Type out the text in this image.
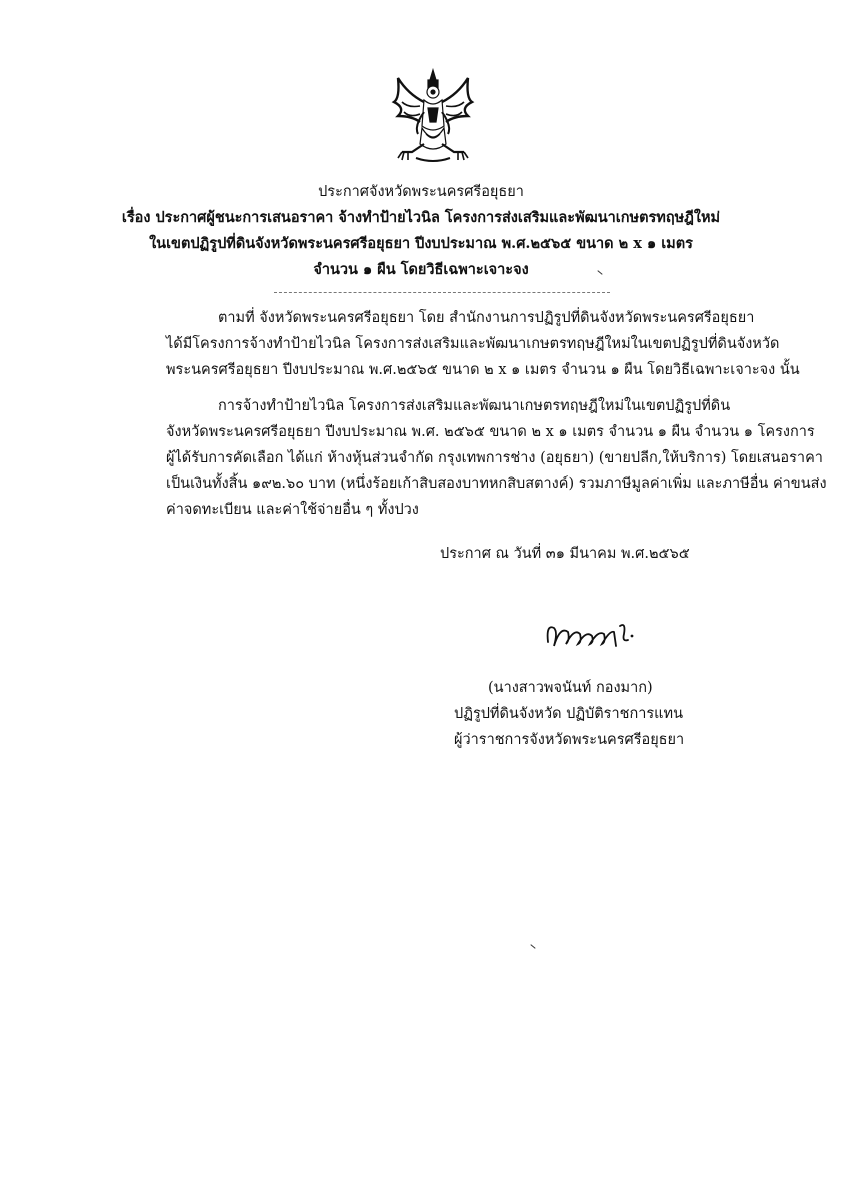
ประกาศจังหวัดพระนครศรีอยุธยา
เรื่อง ประกาศผู้ชนะการเสนอราคา จ้างทำป้ายไวนิล โครงการส่งเสริมและพัฒนาเกษตรทฤษฎีใหม่
ในเขตปฏิรูปที่ดินจังหวัดพระนครศรีอยุธยา ปีงบประมาณ พ.ศ.๒๕๖๕ ขนาด ๒ x ๑ เมตร
จำนวน ๑ ผืน โดยวิธีเฉพาะเจาะจง
ตามที่ จังหวัดพระนครศรีอยุธยา โดย สำนักงานการปฏิรูปที่ดินจังหวัดพระนครศรีอยุธยา
ได้มีโครงการจ้างทำป้ายไวนิล โครงการส่งเสริมและพัฒนาเกษตรทฤษฎีใหม่ในเขตปฏิรูปที่ดินจังหวัด
พระนครศรีอยุธยา ปีงบประมาณ พ.ศ.๒๕๖๕ ขนาด ๒ x ๑ เมตร จำนวน ๑ ผืน โดยวิธีเฉพาะเจาะจง นั้น
การจ้างทำป้ายไวนิล โครงการส่งเสริมและพัฒนาเกษตรทฤษฎีใหม่ในเขตปฏิรูปที่ดิน
จังหวัดพระนครศรีอยุธยา ปีงบประมาณ พ.ศ. ๒๕๖๕ ขนาด ๒ x ๑ เมตร จำนวน ๑ ผืน จำนวน ๑ โครงการ
ผู้ได้รับการคัดเลือก ได้แก่ ห้างหุ้นส่วนจำกัด กรุงเทพการช่าง (อยุธยา) (ขายปลีก,ให้บริการ) โดยเสนอราคา
เป็นเงินทั้งสิ้น ๑๙๒.๖๐ บาท (หนึ่งร้อยเก้าสิบสองบาทหกสิบสตางค์) รวมภาษีมูลค่าเพิ่ม และภาษีอื่น ค่าขนส่ง
ค่าจดทะเบียน และค่าใช้จ่ายอื่น ๆ ทั้งปวง
ประกาศ ณ วันที่ ๓๑ มีนาคม พ.ศ.๒๕๖๕
(นางสาวพจนันท์ กองมาก)
ปฏิรูปที่ดินจังหวัด ปฏิบัติราชการแทน
ผู้ว่าราชการจังหวัดพระนครศรีอยุธยา
